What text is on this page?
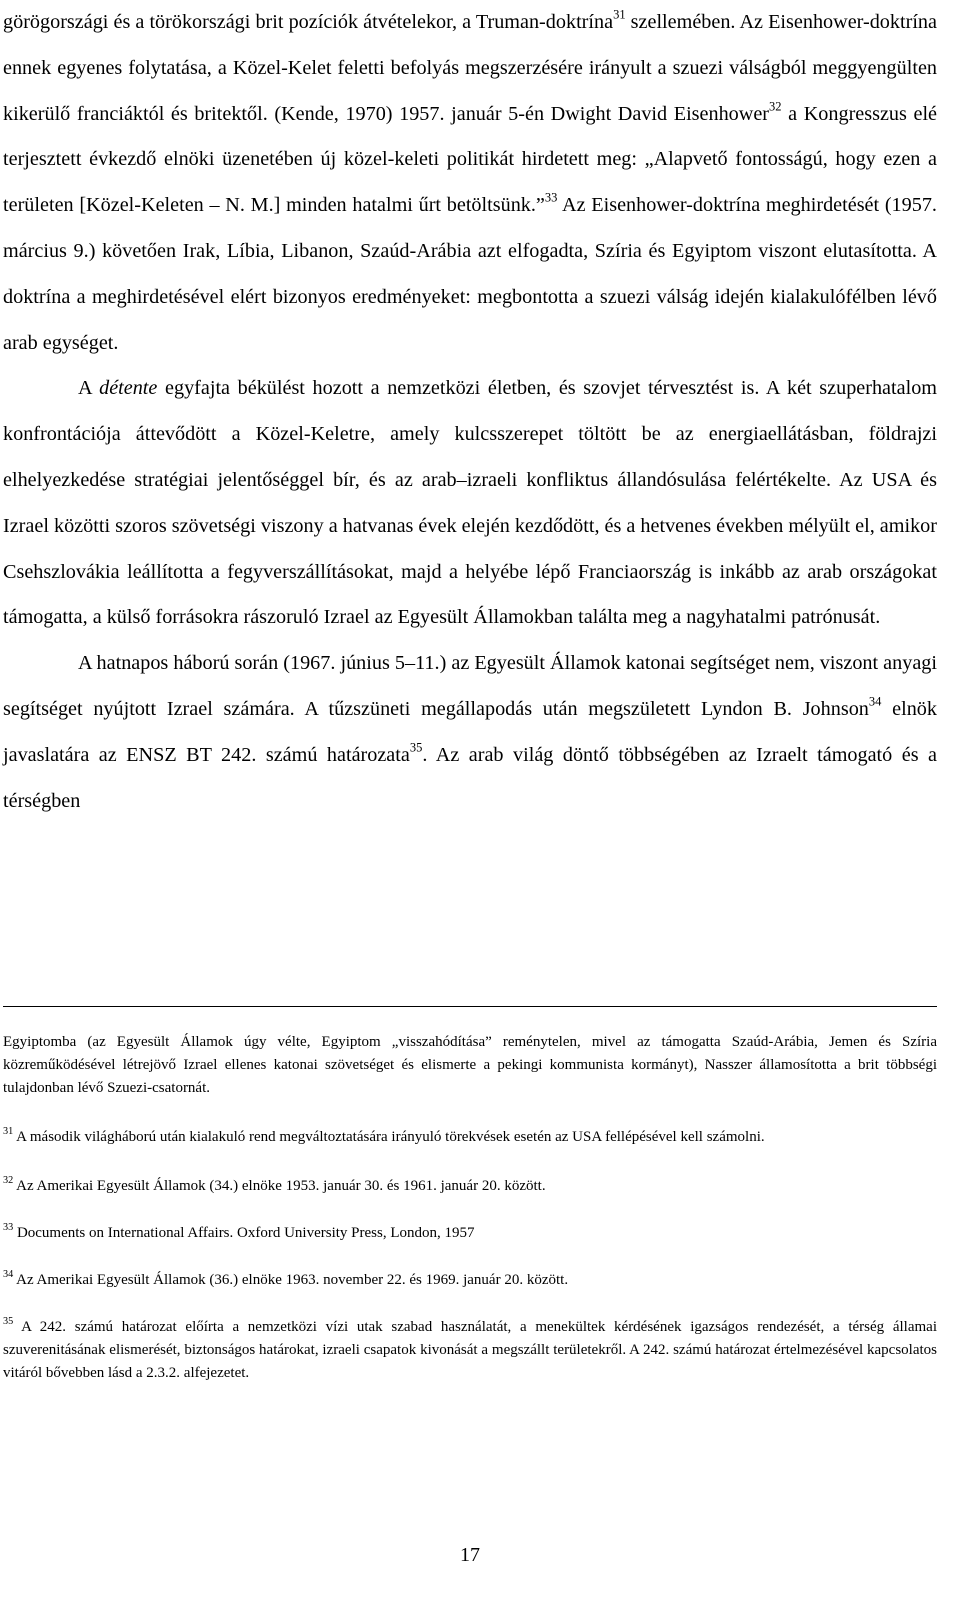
görögországi és a törökországi brit pozíciók átvételekor, a Truman-doktrína$^{31}$ szellemében. Az Eisenhower-doktrína ennek egyenes folytatása, a Közel-Kelet feletti befolyás megszerzésére irányult a szuezi válságból meggyengülten kikerülő franciáktól és britektől. (Kende, 1970) 1957. január 5-én Dwight David Eisenhower$^{32}$ a Kongresszus elé terjesztett évkezdő elnöki üzenetében új közel-keleti politikát hirdetett meg: „Alapvető fontosságú, hogy ezen a területen [Közel-Keleten – N. M.] minden hatalmi űrt betöltsünk.”$^{33}$ Az Eisenhower-doktrína meghirdetését (1957. március 9.) követően Irak, Líbia, Libanon, Szaúd-Arábia azt elfogadta, Szíria és Egyiptom viszont elutasította. A doktrína a meghirdetésével elért bizonyos eredményeket: megbontotta a szuezi válság idején kialakulófélben lévő arab egységet.

A détente egyfajta békülést hozott a nemzetközi életben, és szovjet térvesztést is. A két szuperhatalom konfrontációja áttevődött a Közel-Keletre, amely kulcsszerepet töltött be az energiaellátásban, földrajzi elhelyezkedése stratégiai jelentőséggel bír, és az arab–izraeli konfliktus állandósulása felértékelte. Az USA és Izrael közötti szoros szövetségi viszony a hatvanas évek elején kezdődött, és a hetvenes években mélyült el, amikor Csehszlovákia leállította a fegyverszállításokat, majd a helyébe lépő Franciaország is inkább az arab országokat támogatta, a külső forrásokra rászoruló Izrael az Egyesült Államokban találta meg a nagyhatalmi patrónusát.

A hatnapos háború során (1967. június 5–11.) az Egyesült Államok katonai segítséget nem, viszont anyagi segítséget nyújtott Izrael számára. A tűzszüneti megállapodás után megszületett Lyndon B. Johnson$^{34}$ elnök javaslatára az ENSZ BT 242. számú határozata$^{35}$. Az arab világ döntő többségében az Izraelt támogató és a térségben

Egyiptomba (az Egyesült Államok úgy vélte, Egyiptom „visszahódítása” reménytelen, mivel az támogatta Szaúd-Arábia, Jemen és Szíria közreműködésével létrejövő Izrael ellenes katonai szövetséget és elismerte a pekingi kommunista kormányt), Nasszer államosította a brit többségi tulajdonban lévő Szuezi-csatornát.

$^{31}$ A második világháború után kialakuló rend megváltoztatására irányuló törekvések esetén az USA fellépésével kell számolni.

$^{32}$ Az Amerikai Egyesült Államok (34.) elnöke 1953. január 30. és 1961. január 20. között.

$^{33}$ Documents on International Affairs. Oxford University Press, London, 1957

$^{34}$ Az Amerikai Egyesült Államok (36.) elnöke 1963. november 22. és 1969. január 20. között.

$^{35}$ A 242. számú határozat előírta a nemzetközi vízi utak szabad használatát, a menekültek kérdésének igazságos rendezését, a térség államai szuverenitásának elismerését, biztonságos határokat, izraeli csapatok kivonását a megszállt területekről. A 242. számú határozat értelmezésével kapcsolatos vitáról bővebben lásd a 2.3.2. alfejezetet.

17
